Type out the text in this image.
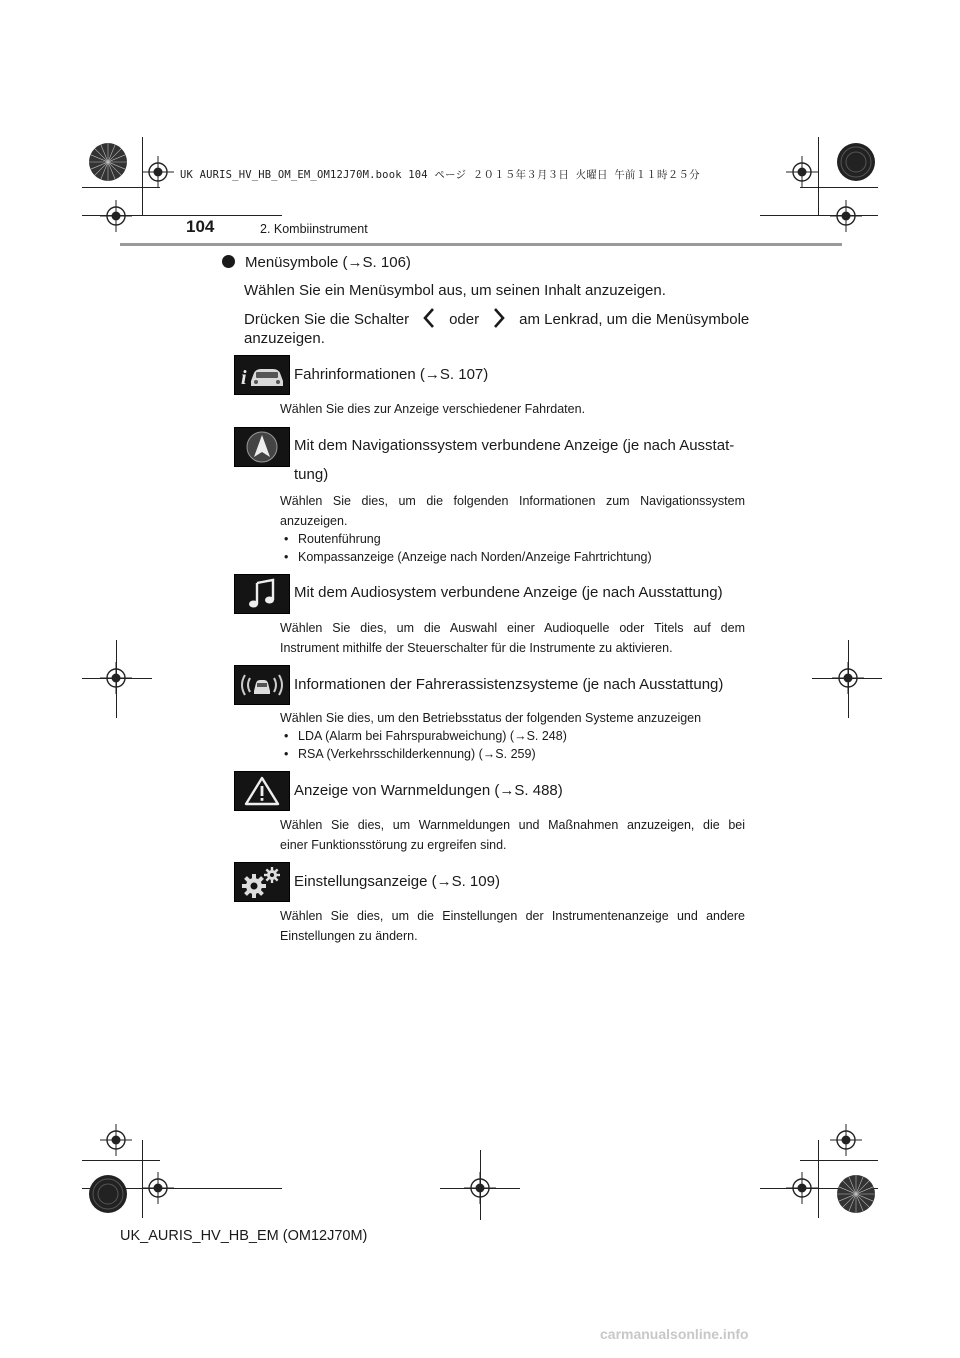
UK AURIS_HV_HB_OM_EM_OM12J70M.book 104 ページ ２０１５年３月３日 火曜日 午前１１時２５分
104	2. Kombiinstrument
Menüsymbole (→S. 106)
Wählen Sie ein Menüsymbol aus, um seinen Inhalt anzuzeigen.
Drücken Sie die Schalter	oder	am Lenkrad, um die Menüsymbole
anzuzeigen.
i	Fahrinformationen (→S. 107)
Wählen Sie dies zur Anzeige verschiedener Fahrdaten.
Mit dem Navigationssystem verbundene Anzeige (je nach Ausstat-
tung)
Wählen Sie dies, um die folgenden Informationen zum Navigationssystem
anzuzeigen.
• Routenführung
• Kompassanzeige (Anzeige nach Norden/Anzeige Fahrtrichtung)
Mit dem Audiosystem verbundene Anzeige (je nach Ausstattung)
Wählen Sie dies, um die Auswahl einer Audioquelle oder Titels auf dem
Instrument mithilfe der Steuerschalter für die Instrumente zu aktivieren.
Informationen der Fahrerassistenzsysteme (je nach Ausstattung)
Wählen Sie dies, um den Betriebsstatus der folgenden Systeme anzuzeigen
• LDA (Alarm bei Fahrspurabweichung) (→S. 248)
• RSA (Verkehrsschilderkennung) (→S. 259)
Anzeige von Warnmeldungen (→S. 488)
Wählen Sie dies, um Warnmeldungen und Maßnahmen anzuzeigen, die bei
einer Funktionsstörung zu ergreifen sind.
Einstellungsanzeige (→S. 109)
Wählen Sie dies, um die Einstellungen der Instrumentenanzeige und andere
Einstellungen zu ändern.
UK_AURIS_HV_HB_EM (OM12J70M)
carmanualsonline.info
